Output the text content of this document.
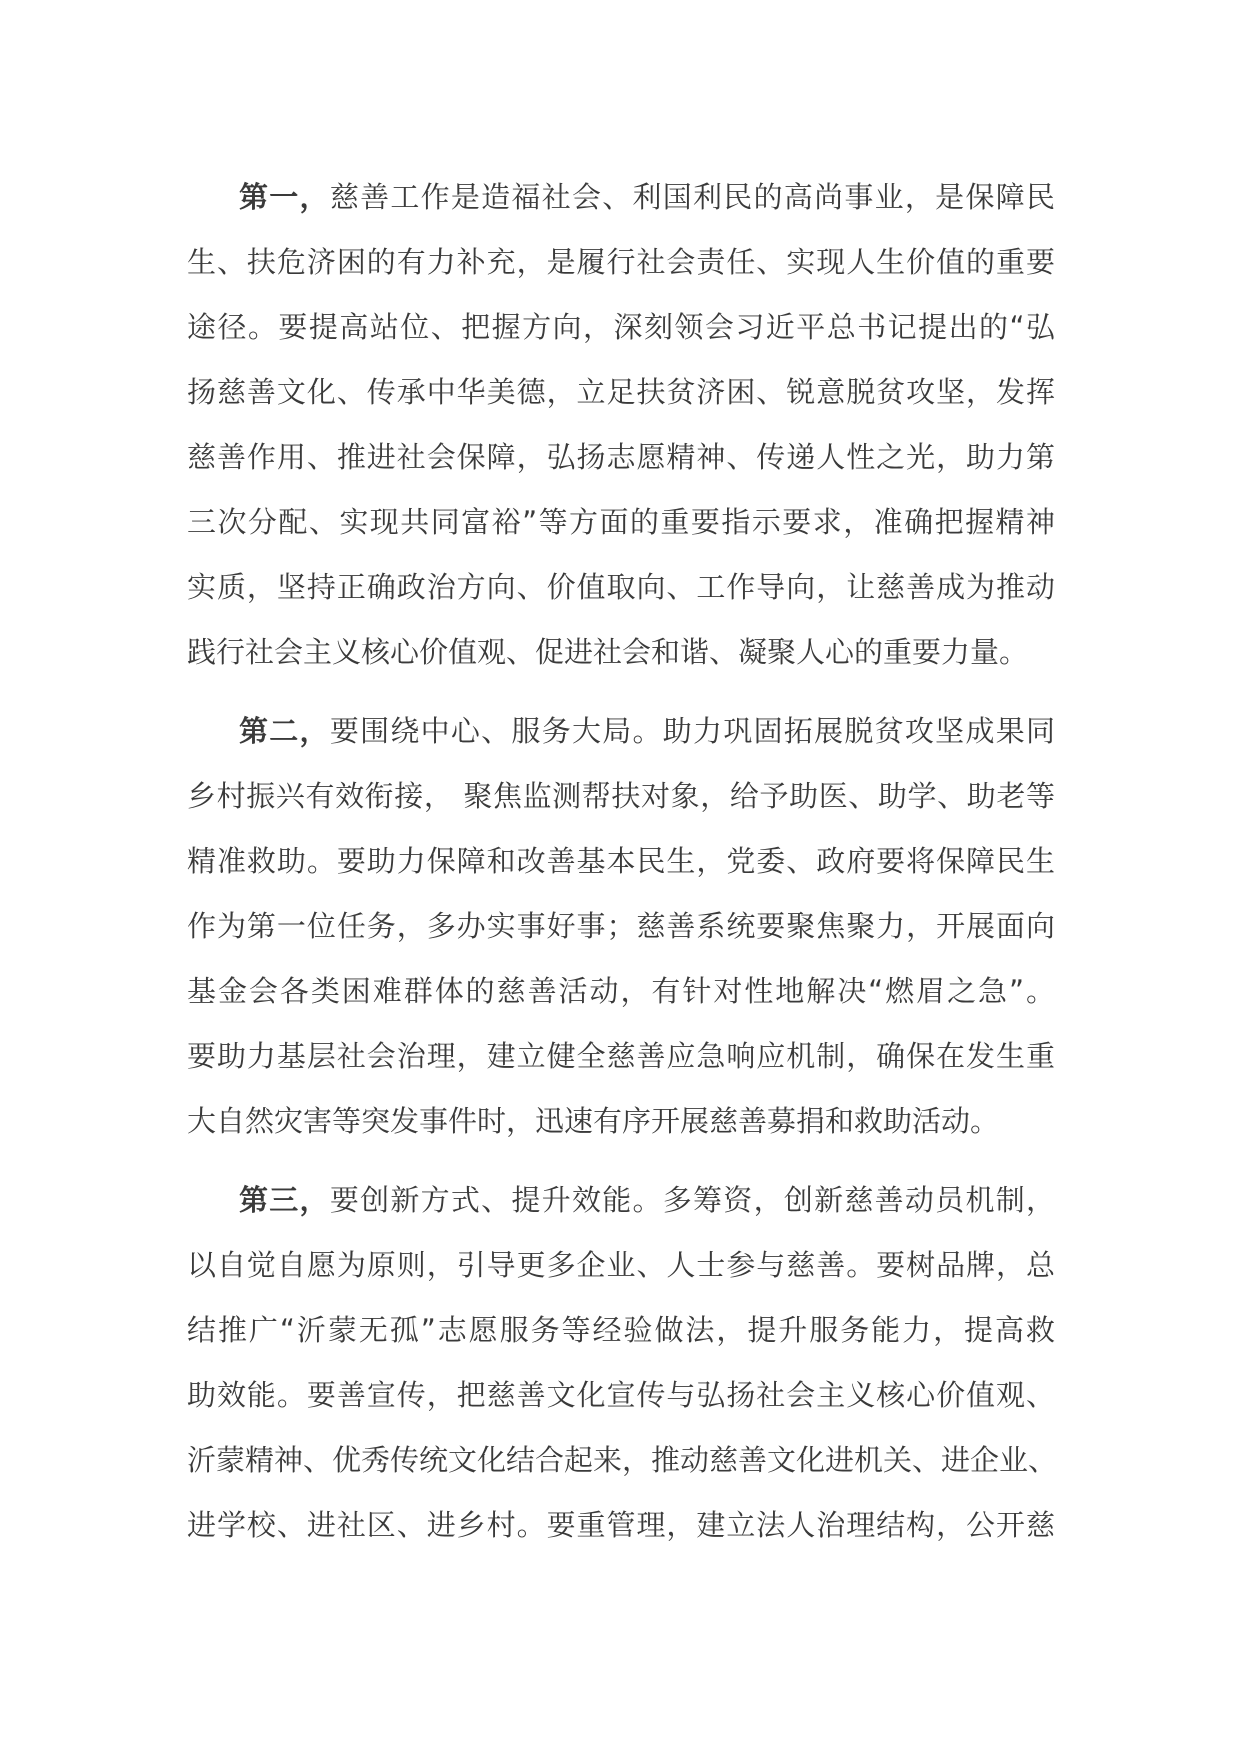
第一，慈善工作是造福社会、利国利民的高尚事业，是保障民
生、扶危济困的有力补充，是履行社会责任、实现人生价值的重要
途径。要提高站位、把握方向，深刻领会习近平总书记提出的“弘
扬慈善文化、传承中华美德，立足扶贫济困、锐意脱贫攻坚，发挥
慈善作用、推进社会保障，弘扬志愿精神、传递人性之光，助力第
三次分配、实现共同富裕”等方面的重要指示要求，准确把握精神
实质，坚持正确政治方向、价值取向、工作导向，让慈善成为推动
践行社会主义核心价值观、促进社会和谐、凝聚人心的重要力量。
第二，要围绕中心、服务大局。助力巩固拓展脱贫攻坚成果同
乡村振兴有效衔接， 聚焦监测帮扶对象，给予助医、助学、助老等
精准救助。要助力保障和改善基本民生，党委、政府要将保障民生
作为第一位任务，多办实事好事；慈善系统要聚焦聚力，开展面向
基金会各类困难群体的慈善活动，有针对性地解决“燃眉之急”。
要助力基层社会治理，建立健全慈善应急响应机制，确保在发生重
大自然灾害等突发事件时，迅速有序开展慈善募捐和救助活动。
第三，要创新方式、提升效能。多筹资，创新慈善动员机制，
以自觉自愿为原则，引导更多企业、人士参与慈善。要树品牌，总
结推广“沂蒙无孤”志愿服务等经验做法，提升服务能力，提高救
助效能。要善宣传，把慈善文化宣传与弘扬社会主义核心价值观、
沂蒙精神、优秀传统文化结合起来，推动慈善文化进机关、进企业、
进学校、进社区、进乡村。要重管理，建立法人治理结构，公开慈
